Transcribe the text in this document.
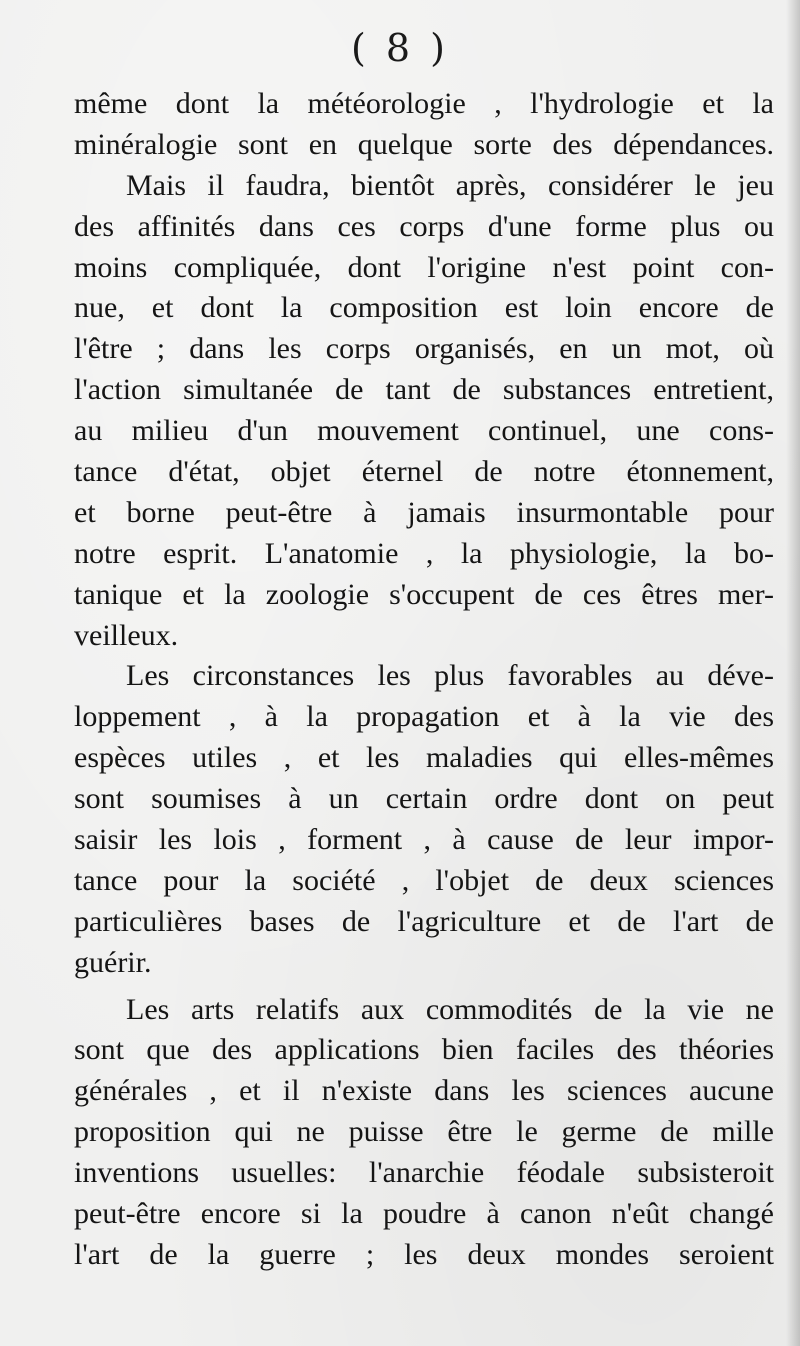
( 8 )
même dont la météorologie , l'hydrologie et la
minéralogie sont en quelque sorte des dépendances.
Mais il faudra, bientôt après, considérer le jeu
des affinités dans ces corps d'une forme plus ou
moins compliquée, dont l'origine n'est point con-
nue, et dont la composition est loin encore de
l'être ; dans les corps organisés, en un mot, où
l'action simultanée de tant de substances entretient,
au milieu d'un mouvement continuel, une cons-
tance d'état, objet éternel de notre étonnement,
et borne peut-être à jamais insurmontable pour
notre esprit. L'anatomie , la physiologie, la bo-
tanique et la zoologie s'occupent de ces êtres mer-
veilleux.
Les circonstances les plus favorables au déve-
loppement , à la propagation et à la vie des
espèces utiles , et les maladies qui elles-mêmes
sont soumises à un certain ordre dont on peut
saisir les lois , forment , à cause de leur impor-
tance pour la société , l'objet de deux sciences
particulières bases de l'agriculture et de l'art de
guérir.
Les arts relatifs aux commodités de la vie ne
sont que des applications bien faciles des théories
générales , et il n'existe dans les sciences aucune
proposition qui ne puisse être le germe de mille
inventions usuelles: l'anarchie féodale subsisteroit
peut-être encore si la poudre à canon n'eût changé
l'art de la guerre ; les deux mondes seroient
